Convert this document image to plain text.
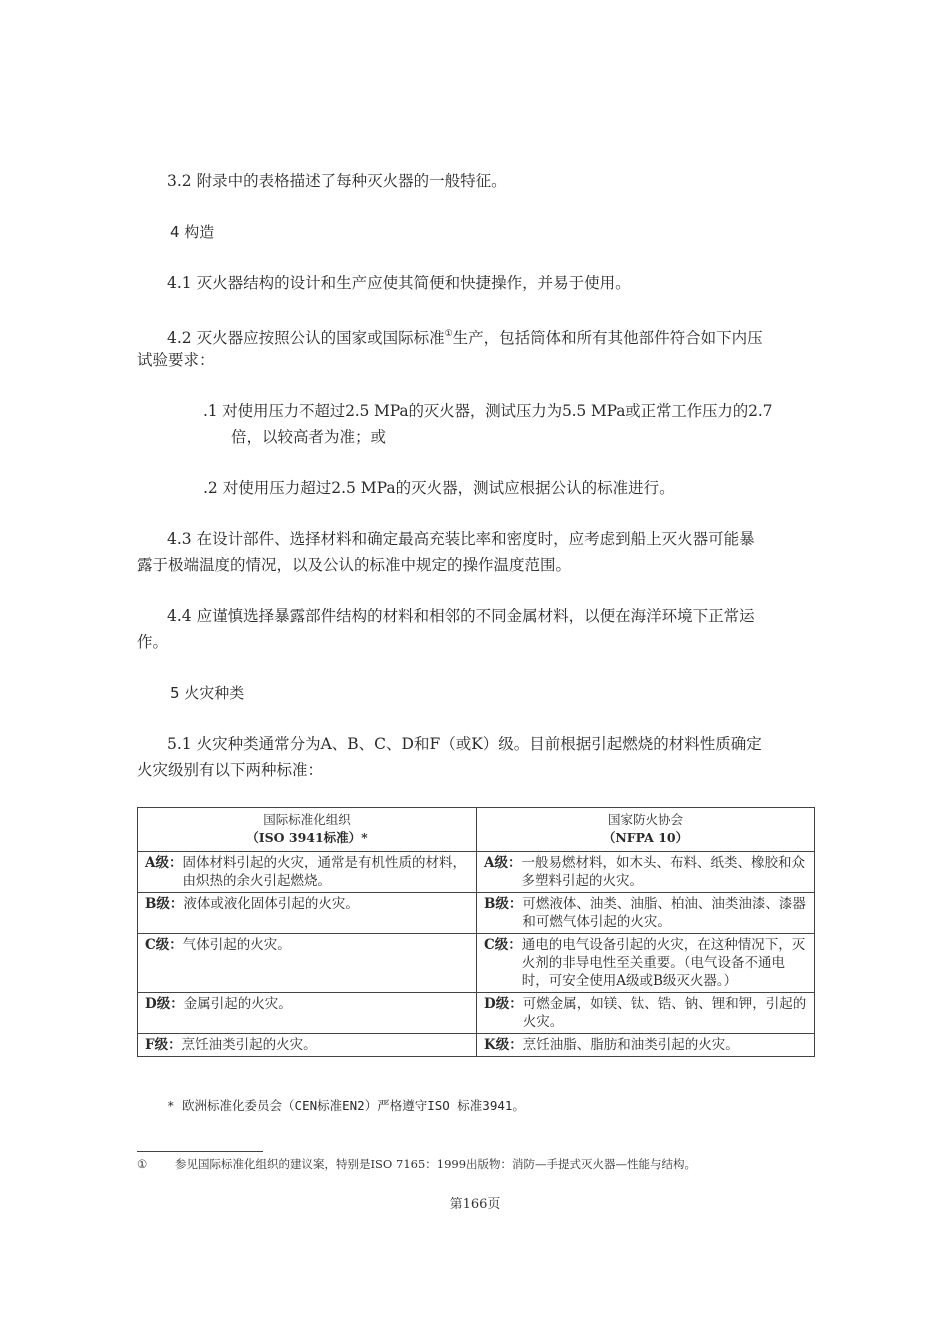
3.2 附录中的表格描述了每种灭火器的一般特征。
4 构造
4.1 灭火器结构的设计和生产应使其简便和快捷操作，并易于使用。
4.2 灭火器应按照公认的国家或国际标准①生产，包括筒体和所有其他部件符合如下内压
试验要求：
.1 对使用压力不超过2.5 MPa的灭火器，测试压力为5.5 MPa或正常工作压力的2.7
倍，以较高者为准；或
.2 对使用压力超过2.5 MPa的灭火器，测试应根据公认的标准进行。
4.3 在设计部件、选择材料和确定最高充装比率和密度时，应考虑到船上灭火器可能暴
露于极端温度的情况，以及公认的标准中规定的操作温度范围。
4.4 应谨慎选择暴露部件结构的材料和相邻的不同金属材料，以便在海洋环境下正常运
作。
5 火灾种类
5.1 火灾种类通常分为A、B、C、D和F（或K）级。目前根据引起燃烧的材料性质确定
火灾级别有以下两种标准：
国际标准化组织
（ISO 3941标准）*	国家防火协会
（NFPA 10）

A级： 固体材料引起的火灾，通常是有机性质的材料，由炽热的余火引起燃烧。	A级： 一般易燃材料，如木头、布料、纸类、橡胶和众多塑料引起的火灾。

B级： 液体或液化固体引起的火灾。	B级： 可燃液体、油类、油脂、柏油、油类油漆、漆器和可燃气体引起的火灾。

C级： 气体引起的火灾。	C级： 通电的电气设备引起的火灾，在这种情况下，灭火剂的非导电性至关重要。（电气设备不通电时，可安全使用A级或B级灭火器。）

D级： 金属引起的火灾。	D级： 可燃金属，如镁、钛、锆、钠、锂和钾，引起的火灾。

F级： 烹饪油类引起的火灾。	K级： 烹饪油脂、脂肪和油类引起的火灾。
* 欧洲标准化委员会（CEN标准EN2）严格遵守ISO 标准3941。
① 参见国际标准化组织的建议案，特别是ISO 7165：1999出版物：消防—手提式灭火器—性能与结构。
第166页
